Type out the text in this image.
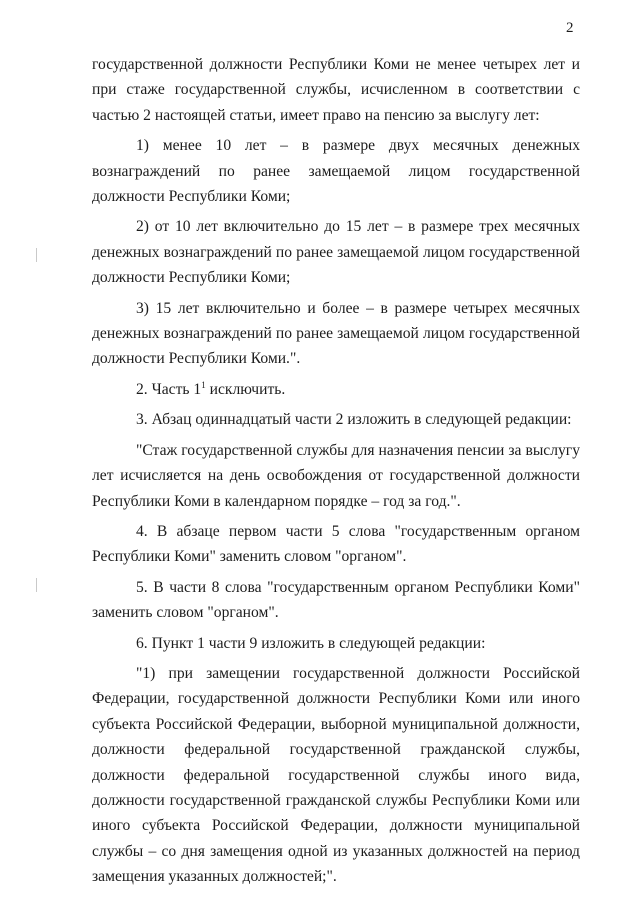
2

государственной должности Республики Коми не менее четырех лет и при стаже государственной службы, исчисленном в соответствии с частью 2 настоящей статьи, имеет право на пенсию за выслугу лет:

1) менее 10 лет – в размере двух месячных денежных вознаграждений по ранее замещаемой лицом государственной должности Республики Коми;

2) от 10 лет включительно до 15 лет – в размере трех месячных денежных вознаграждений по ранее замещаемой лицом государственной должности Республики Коми;

3) 15 лет включительно и более – в размере четырех месячных денежных вознаграждений по ранее замещаемой лицом государственной должности Республики Коми.".

2. Часть $1^1$ исключить.

3. Абзац одиннадцатый части 2 изложить в следующей редакции:

"Стаж государственной службы для назначения пенсии за выслугу лет исчисляется на день освобождения от государственной должности Республики Коми в календарном порядке – год за год.".

4. В абзаце первом части 5 слова "государственным органом Республики Коми" заменить словом "органом".

5. В части 8 слова "государственным органом Республики Коми" заменить словом "органом".

6. Пункт 1 части 9 изложить в следующей редакции:

"1) при замещении государственной должности Российской Федерации, государственной должности Республики Коми или иного субъекта Российской Федерации, выборной муниципальной должности, должности федеральной государственной гражданской службы, должности федеральной государственной службы иного вида, должности государственной гражданской службы Республики Коми или иного субъекта Российской Федерации, должности муниципальной службы – со дня замещения одной из указанных должностей на период замещения указанных должностей;".
